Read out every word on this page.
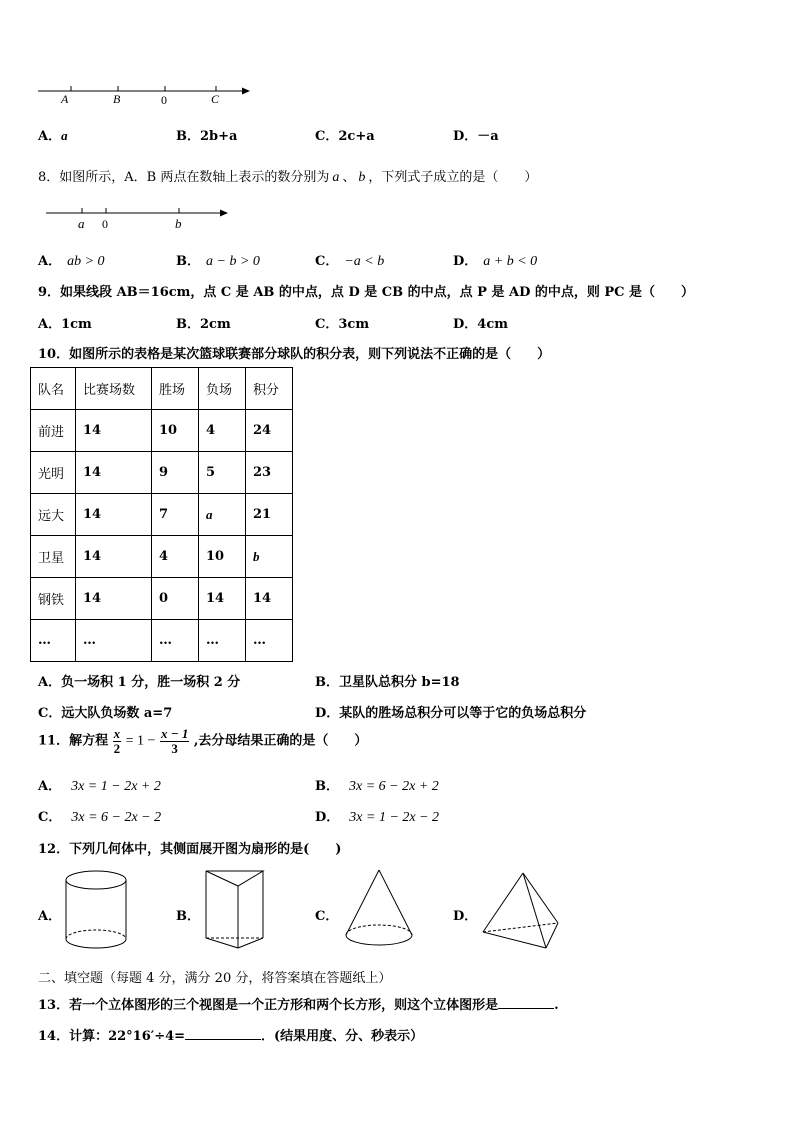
A	B	0	C
A．a	B．2b+a	C．2c+a	D．－a
8．如图所示，A．B 两点在数轴上表示的数分别为 a 、 b ，下列式子成立的是（　　）
a 0	b
A． ab > 0	B． a − b > 0	C． −a < b	D． a + b < 0
9．如果线段 AB＝16cm，点 C 是 AB 的中点，点 D 是 CB 的中点，点 P 是 AD 的中点，则 PC 是（　　）
A．1cm	B．2cm	C．3cm	D．4cm
10．如图所示的表格是某次篮球联赛部分球队的积分表，则下列说法不正确的是（　　）
队名	比赛场数	胜场	负场	积分
前进	14	10	4	24
光明	14	9	5	23
远大	14	7	a	21
卫星	14	4	10	b
钢铁	14	0	14	14
…	…	…	…	…
A．负一场积 1 分，胜一场积 2 分	B．卫星队总积分 b=18
C．远大队负场数 a=7	D．某队的胜场总积分可以等于它的负场总积分
11．解方程 $\frac{x}{2} = 1 - \frac{x - 1}{3}$ ,去分母结果正确的是（　　）
A． 3x = 1 − 2x + 2	B． 3x = 6 − 2x + 2
C． 3x = 6 − 2x − 2	D． 3x = 1 − 2x − 2
12．下列几何体中，其侧面展开图为扇形的是(　　)
A．	B．	C．	D．
二、填空题（每题 4 分，满分 20 分，将答案填在答题纸上）
13．若一个立体图形的三个视图是一个正方形和两个长方形，则这个立体图形是	.
14．计算：22°16′÷4=	．(结果用度、分、秒表示）
